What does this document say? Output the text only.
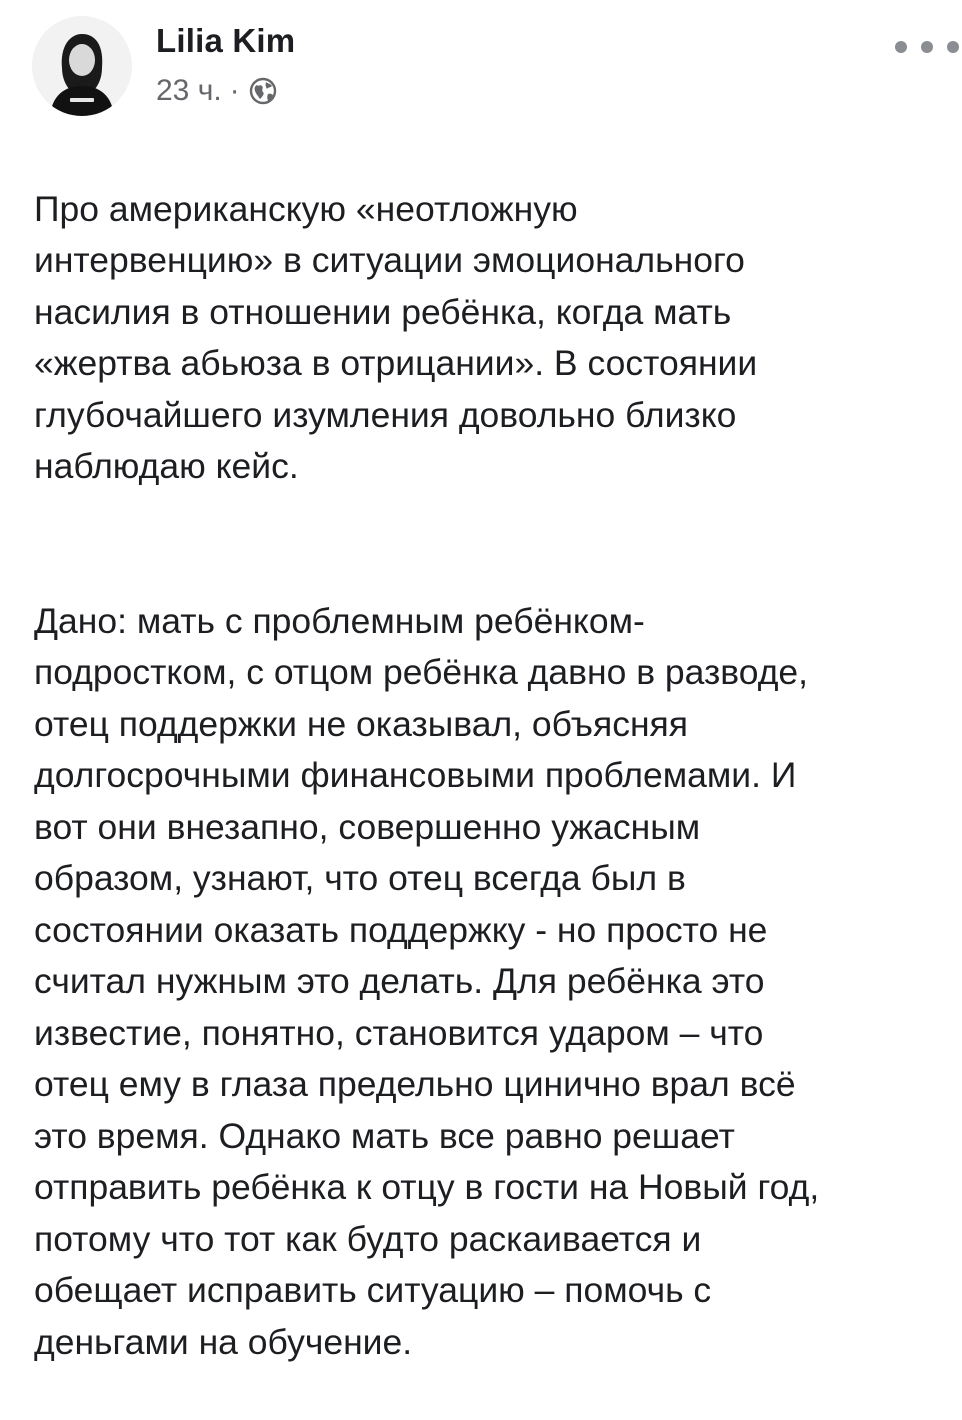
Lilia Kim
23 ч. ·

Про американскую «неотложную
интервенцию» в ситуации эмоционального
насилия в отношении ребёнка, когда мать
«жертва абьюза в отрицании». В состоянии
глубочайшего изумления довольно близко
наблюдаю кейс.

Дано: мать с проблемным ребёнком-
подростком, с отцом ребёнка давно в разводе,
отец поддержки не оказывал, объясняя
долгосрочными финансовыми проблемами. И
вот они внезапно, совершенно ужасным
образом, узнают, что отец всегда был в
состоянии оказать поддержку - но просто не
считал нужным это делать. Для ребёнка это
известие, понятно, становится ударом – что
отец ему в глаза предельно цинично врал всё
это время. Однако мать все равно решает
отправить ребёнка к отцу в гости на Новый год,
потому что тот как будто раскаивается и
обещает исправить ситуацию – помочь с
деньгами на обучение.
